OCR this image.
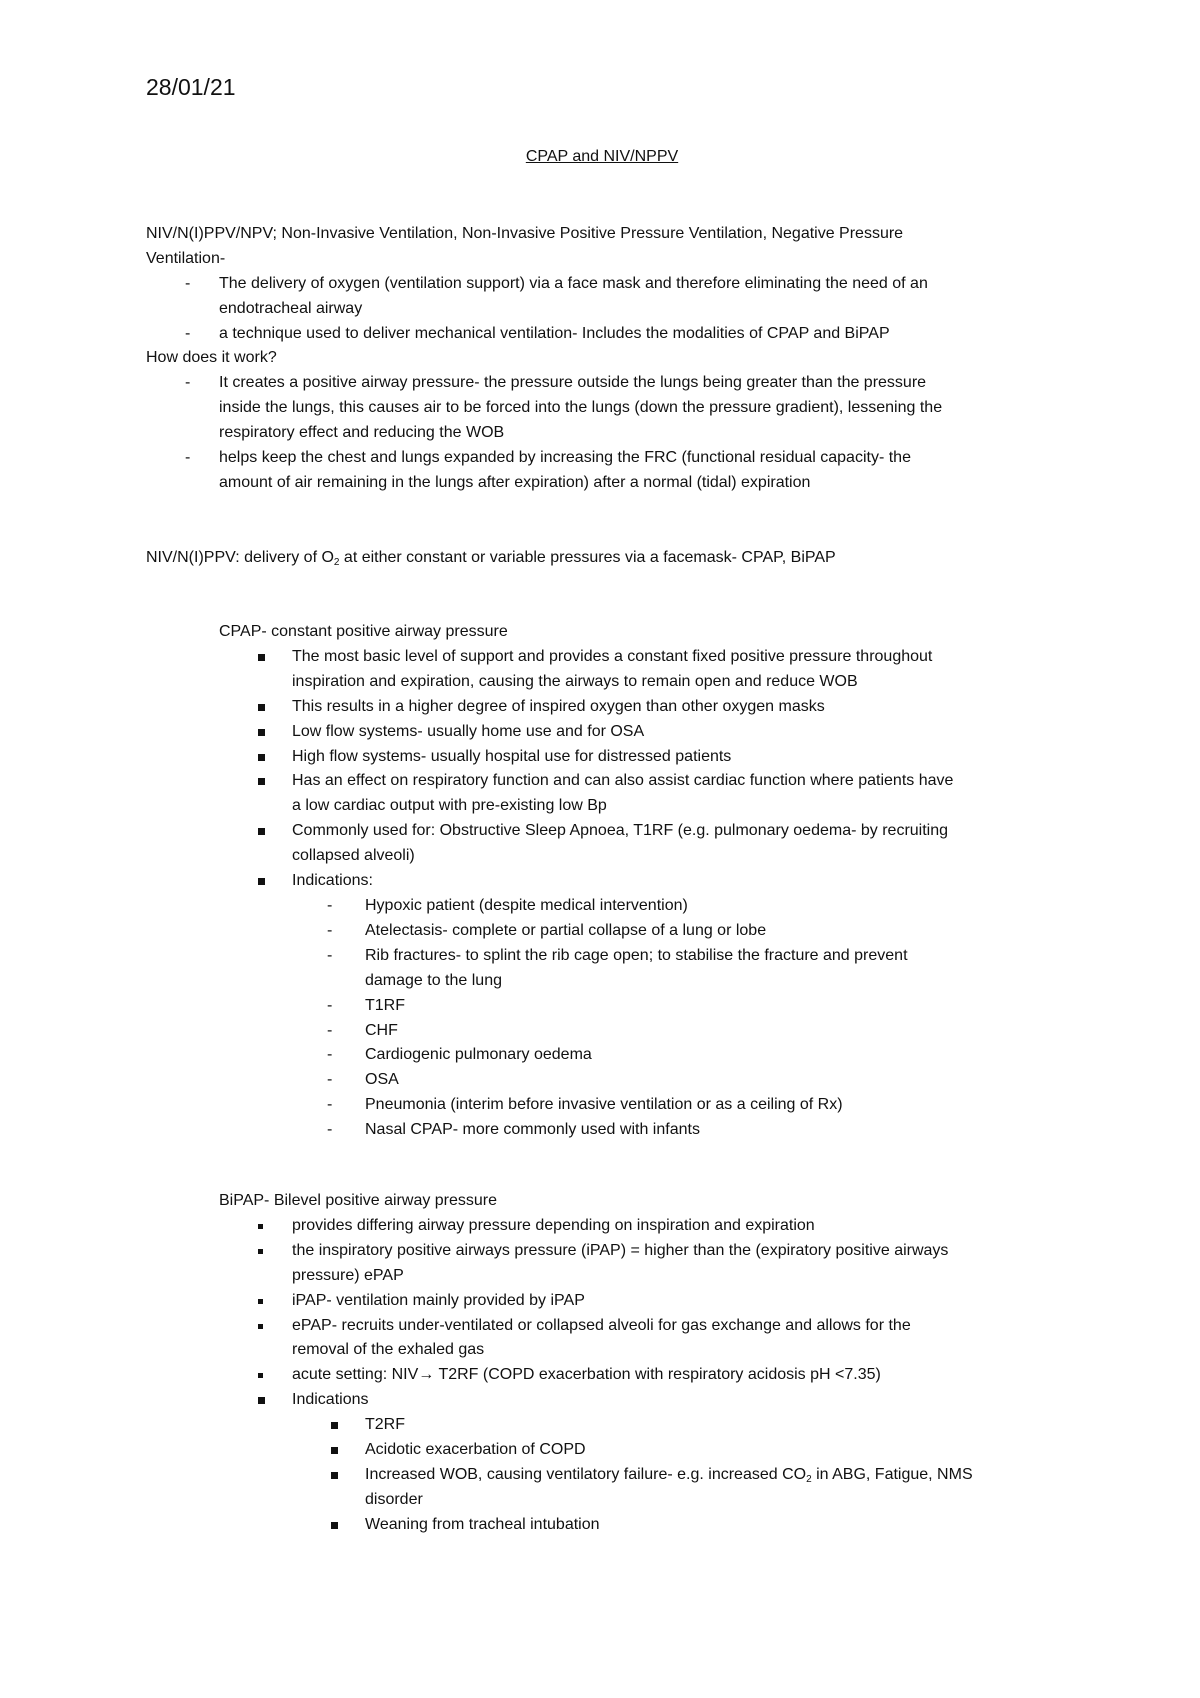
28/01/21
CPAP and NIV/NPPV
NIV/N(I)PPV/NPV; Non-Invasive Ventilation, Non-Invasive Positive Pressure Ventilation, Negative Pressure
Ventilation-
- The delivery of oxygen (ventilation support) via a face mask and therefore eliminating the need of an
endotracheal airway
- a technique used to deliver mechanical ventilation- Includes the modalities of CPAP and BiPAP
How does it work?
- It creates a positive airway pressure- the pressure outside the lungs being greater than the pressure
inside the lungs, this causes air to be forced into the lungs (down the pressure gradient), lessening the
respiratory effect and reducing the WOB
- helps keep the chest and lungs expanded by increasing the FRC (functional residual capacity- the
amount of air remaining in the lungs after expiration) after a normal (tidal) expiration
NIV/N(I)PPV: delivery of $O_2$ at either constant or variable pressures via a facemask- CPAP, BiPAP
CPAP- constant positive airway pressure
The most basic level of support and provides a constant fixed positive pressure throughout
inspiration and expiration, causing the airways to remain open and reduce WOB
This results in a higher degree of inspired oxygen than other oxygen masks
Low flow systems- usually home use and for OSA
High flow systems- usually hospital use for distressed patients
Has an effect on respiratory function and can also assist cardiac function where patients have
a low cardiac output with pre-existing low Bp
Commonly used for: Obstructive Sleep Apnoea, T1RF (e.g. pulmonary oedema- by recruiting
collapsed alveoli)
Indications:
- Hypoxic patient (despite medical intervention)
- Atelectasis- complete or partial collapse of a lung or lobe
- Rib fractures- to splint the rib cage open; to stabilise the fracture and prevent
damage to the lung
- T1RF
- CHF
- Cardiogenic pulmonary oedema
- OSA
- Pneumonia (interim before invasive ventilation or as a ceiling of Rx)
- Nasal CPAP- more commonly used with infants
BiPAP- Bilevel positive airway pressure
provides differing airway pressure depending on inspiration and expiration
the inspiratory positive airways pressure (iPAP) = higher than the (expiratory positive airways
pressure) ePAP
iPAP- ventilation mainly provided by iPAP
ePAP- recruits under-ventilated or collapsed alveoli for gas exchange and allows for the
removal of the exhaled gas
acute setting: NIV→ T2RF (COPD exacerbation with respiratory acidosis pH <7.35)
Indications
T2RF
Acidotic exacerbation of COPD
Increased WOB, causing ventilatory failure- e.g. increased $CO_2$ in ABG, Fatigue, NMS
disorder
Weaning from tracheal intubation
